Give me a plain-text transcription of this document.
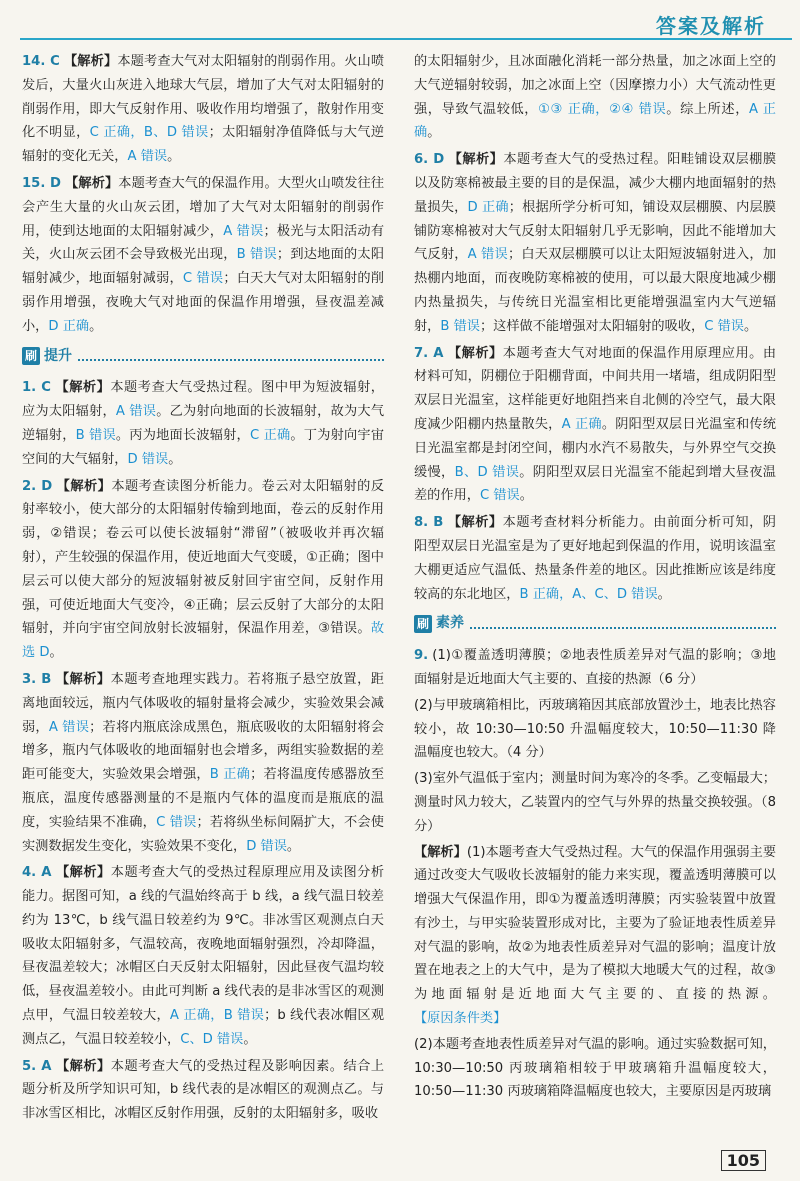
答案及解析

14. C 【解析】本题考查大气对太阳辐射的削弱作用。火山喷发后，大量火山灰进入地球大气层，增加了大气对太阳辐射的削弱作用，即大气反射作用、吸收作用均增强了，散射作用变化不明显，C 正确，B、D 错误；太阳辐射净值降低与大气逆辐射的变化无关，A 错误。

15. D 【解析】本题考查大气的保温作用。大型火山喷发往往会产生大量的火山灰云团，增加了大气对太阳辐射的削弱作用，使到达地面的太阳辐射减少，A 错误；极光与太阳活动有关，火山灰云团不会导致极光出现，B 错误；到达地面的太阳辐射减少，地面辐射减弱，C 错误；白天大气对太阳辐射的削弱作用增强，夜晚大气对地面的保温作用增强，昼夜温差减小，D 正确。

刷 提升

1. C 【解析】本题考查大气受热过程。图中甲为短波辐射，应为太阳辐射，A 错误。乙为射向地面的长波辐射，故为大气逆辐射，B 错误。丙为地面长波辐射，C 正确。丁为射向宇宙空间的大气辐射，D 错误。

2. D 【解析】本题考查读图分析能力。卷云对太阳辐射的反射率较小，使大部分的太阳辐射传输到地面，卷云的反射作用弱，②错误；卷云可以使长波辐射“滞留”（被吸收并再次辐射），产生较强的保温作用，使近地面大气变暖，①正确；图中层云可以使大部分的短波辐射被反射回宇宙空间，反射作用强，可使近地面大气变冷，④正确；层云反射了大部分的太阳辐射，并向宇宙空间放射长波辐射，保温作用差，③错误。故选 D。

3. B 【解析】本题考查地理实践力。若将瓶子悬空放置，距离地面较远，瓶内气体吸收的辐射量将会减少，实验效果会减弱，A 错误；若将内瓶底涂成黑色，瓶底吸收的太阳辐射将会增多，瓶内气体吸收的地面辐射也会增多，两组实验数据的差距可能变大，实验效果会增强，B 正确；若将温度传感器放至瓶底，温度传感器测量的不是瓶内气体的温度而是瓶底的温度，实验结果不准确，C 错误；若将纵坐标间隔扩大，不会使实测数据发生变化，实验效果不变化，D 错误。

4. A 【解析】本题考查大气的受热过程原理应用及读图分析能力。据图可知，a 线的气温始终高于 b 线，a 线气温日较差约为 13℃，b 线气温日较差约为 9℃。非冰雪区观测点白天吸收太阳辐射多，气温较高，夜晚地面辐射强烈，冷却降温，昼夜温差较大；冰帽区白天反射太阳辐射，因此昼夜气温均较低，昼夜温差较小。由此可判断 a 线代表的是非冰雪区的观测点甲，气温日较差较大，A 正确，B 错误；b 线代表冰帽区观测点乙，气温日较差较小，C、D 错误。

5. A 【解析】本题考查大气的受热过程及影响因素。结合上题分析及所学知识可知，b 线代表的是冰帽区的观测点乙。与非冰雪区相比，冰帽区反射作用强，反射的太阳辐射多，吸收

的太阳辐射少，且冰面融化消耗一部分热量，加之冰面上空的大气逆辐射较弱，加之冰面上空（因摩擦力小）大气流动性更强，导致气温较低，①③ 正确，②④ 错误。综上所述，A 正确。

6. D 【解析】本题考查大气的受热过程。阳畦铺设双层棚膜以及防寒棉被最主要的目的是保温，减少大棚内地面辐射的热量损失，D 正确；根据所学分析可知，铺设双层棚膜、内层膜铺防寒棉被对大气反射太阳辐射几乎无影响，因此不能增加大气反射，A 错误；白天双层棚膜可以让太阳短波辐射进入，加热棚内地面，而夜晚防寒棉被的使用，可以最大限度地减少棚内热量损失，与传统日光温室相比更能增强温室内大气逆辐射，B 错误；这样做不能增强对太阳辐射的吸收，C 错误。

7. A 【解析】本题考查大气对地面的保温作用原理应用。由材料可知，阴棚位于阳棚背面，中间共用一堵墙，组成阴阳型双层日光温室，这样能更好地阻挡来自北侧的冷空气，最大限度减少阳棚内热量散失，A 正确。阴阳型双层日光温室和传统日光温室都是封闭空间，棚内水汽不易散失，与外界空气交换缓慢，B、D 错误。阴阳型双层日光温室不能起到增大昼夜温差的作用，C 错误。

8. B 【解析】本题考查材料分析能力。由前面分析可知，阴阳型双层日光温室是为了更好地起到保温的作用，说明该温室大棚更适应气温低、热量条件差的地区。因此推断应该是纬度较高的东北地区，B 正确，A、C、D 错误。

刷 素养

9. (1)①覆盖透明薄膜；②地表性质差异对气温的影响；③地面辐射是近地面大气主要的、直接的热源（6 分）

(2)与甲玻璃箱相比，丙玻璃箱因其底部放置沙土，地表比热容较小，故 10:30—10:50 升温幅度较大，10:50—11:30 降温幅度也较大。（4 分）

(3)室外气温低于室内；测量时间为寒冷的冬季。乙变幅最大；测量时风力较大，乙装置内的空气与外界的热量交换较强。（8 分）

【解析】(1)本题考查大气受热过程。大气的保温作用强弱主要通过改变大气吸收长波辐射的能力来实现，覆盖透明薄膜可以增强大气保温作用，即①为覆盖透明薄膜；丙实验装置中放置有沙土，与甲实验装置形成对比，主要为了验证地表性质差异对气温的影响，故②为地表性质差异对气温的影响；温度计放置在地表之上的大气中，是为了模拟大地暖大气的过程，故③为地面辐射是近地面大气主要的、直接的热源。【原因条件类】

(2)本题考查地表性质差异对气温的影响。通过实验数据可知，10:30—10:50 丙玻璃箱相较于甲玻璃箱升温幅度较大，10:50—11:30 丙玻璃箱降温幅度也较大，主要原因是丙玻璃

105
